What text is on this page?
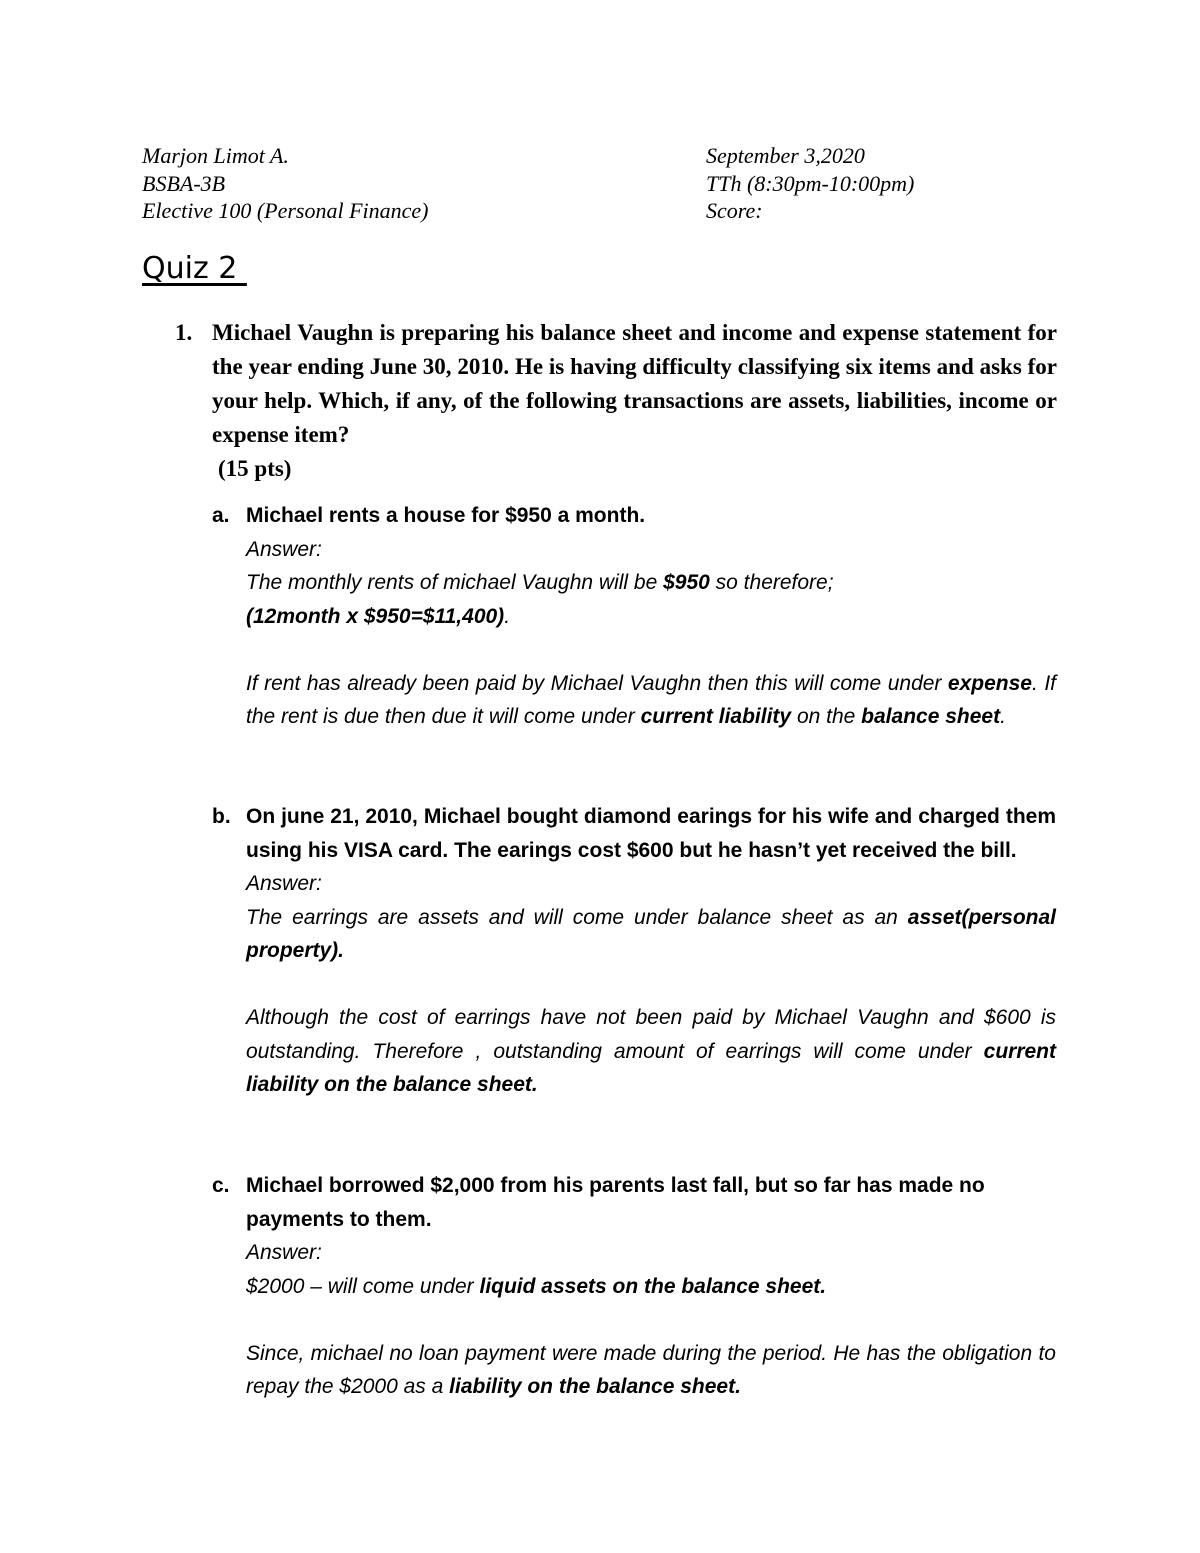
Marjon Limot A.
BSBA-3B
Elective 100 (Personal Finance)
September 3,2020
TTh (8:30pm-10:00pm)
Score:
Quiz 2
1. Michael Vaughn is preparing his balance sheet and income and expense statement for the year ending June 30, 2010. He is having difficulty classifying six items and asks for your help. Which, if any, of the following transactions are assets, liabilities, income or expense item?
(15 pts)
a. Michael rents a house for $950 a month.
Answer:
The monthly rents of michael Vaughn will be $950 so therefore;
(12month x $950=$11,400).
If rent has already been paid by Michael Vaughn then this will come under expense. If the rent is due then due it will come under current liability on the balance sheet.
b. On june 21, 2010, Michael bought diamond earings for his wife and charged them using his VISA card. The earings cost $600 but he hasn’t yet received the bill.
Answer:
The earrings are assets and will come under balance sheet as an asset(personal property).
Although the cost of earrings have not been paid by Michael Vaughn and $600 is outstanding. Therefore , outstanding amount of earrings will come under current liability on the balance sheet.
c. Michael borrowed $2,000 from his parents last fall, but so far has made no payments to them.
Answer:
$2000 – will come under liquid assets on the balance sheet.
Since, michael no loan payment were made during the period. He has the obligation to repay the $2000 as a liability on the balance sheet.
